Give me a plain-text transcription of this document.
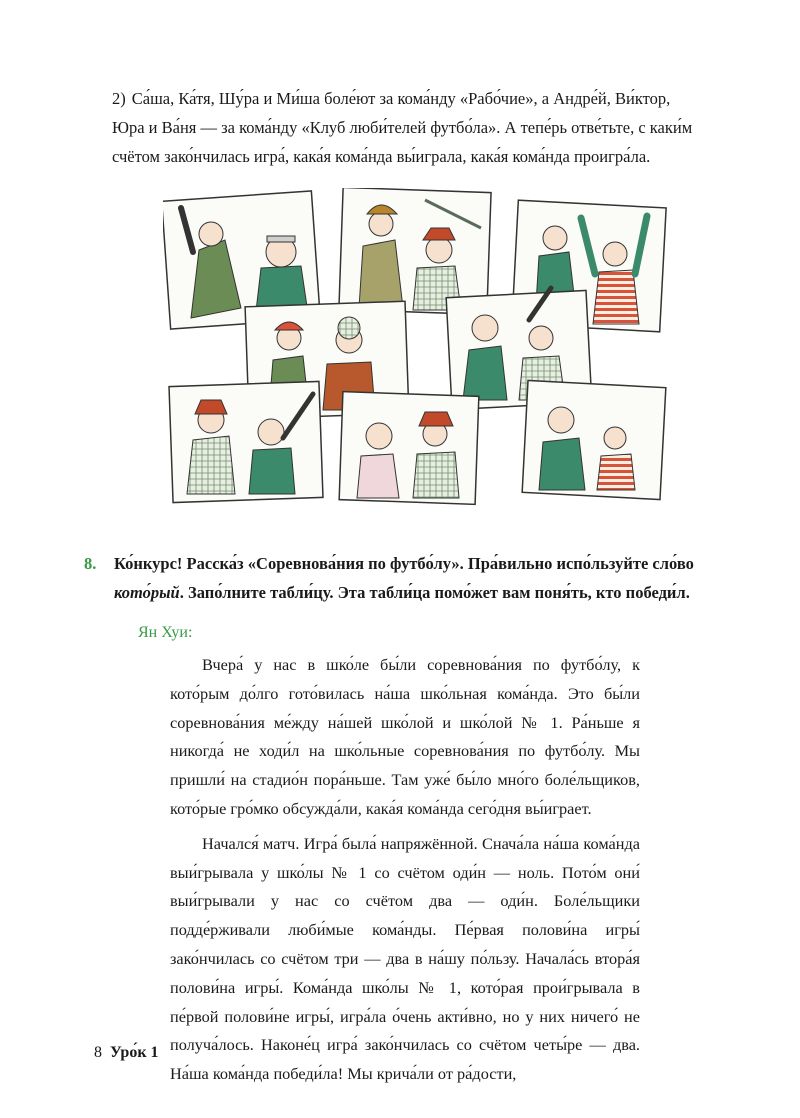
2) Са́ша, Ка́тя, Шу́ра и Ми́ша боле́ют за кома́нду «Рабо́чие», а Андре́й, Ви́ктор, Юра и Ва́ня — за кома́нду «Клуб люби́телей футбо́ла». А тепе́рь отве́тьте, с каки́м счётом зако́нчилась игра́, кака́я кома́нда вы́играла, кака́я кома́нда проигра́ла.
8. Ко́нкурс! Расска́з «Соревнова́ния по футбо́лу». Пра́вильно испо́льзуйте сло́во кото́рый. Запо́лните табли́цу. Эта табли́ца помо́жет вам поня́ть, кто победи́л.
Ян Хуи:

Вчера́ у нас в шко́ле бы́ли соревнова́ния по футбо́лу, к кото́рым до́лго гото́вилась на́ша шко́льная кома́нда. Это бы́ли соревнова́ния ме́жду на́шей шко́лой и шко́лой № 1. Ра́ньше я никогда́ не ходи́л на шко́льные соревнова́ния по футбо́лу. Мы пришли́ на стадио́н пора́ньше. Там уже́ бы́ло мно́го боле́льщиков, кото́рые гро́мко обсужда́ли, кака́я кома́нда сего́дня вы́играет.

Начался́ матч. Игра́ была́ напряжённой. Снача́ла на́ша кома́нда выи́грывала у шко́лы № 1 со счётом оди́н — ноль. Пото́м они́ выи́грывали у нас со счётом два — оди́н. Боле́льщики подде́рживали люби́мые кома́нды. Пе́рвая полови́на игры́ зако́нчилась со счётом три — два в на́шу по́льзу. Начала́сь втора́я полови́на игры́. Кома́нда шко́лы № 1, кото́рая прои́грывала в пе́рвой полови́не игры́, игра́ла о́чень акти́вно, но у них ничего́ не получа́лось. Наконе́ц игра́ зако́нчилась со счётом четы́ре — два. На́ша кома́нда победи́ла! Мы крича́ли от ра́дости,

8 Уро́к 1
